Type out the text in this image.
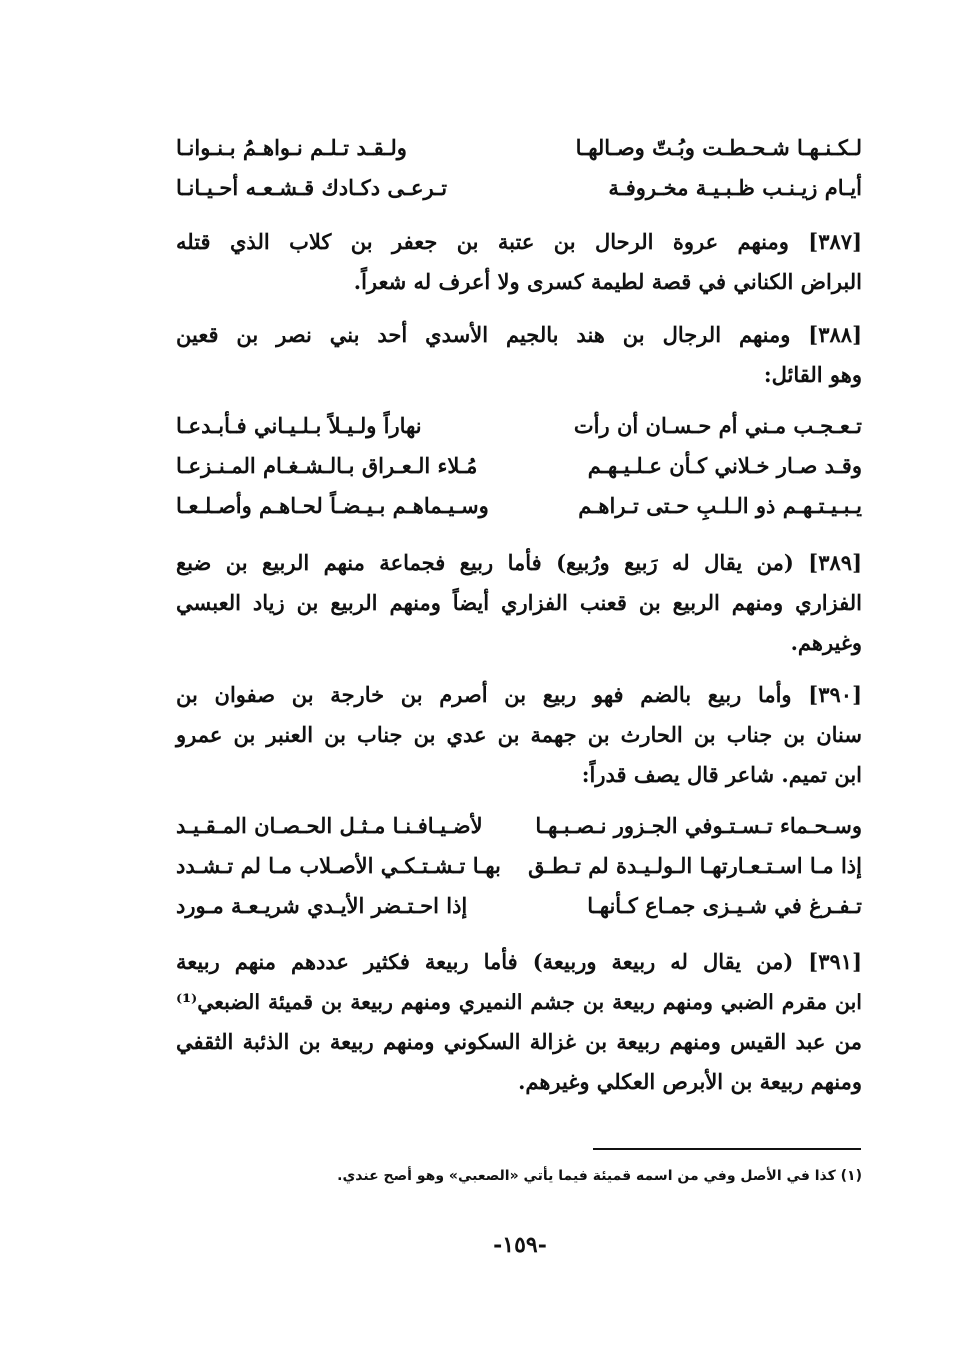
لـكـنـهـا شـحـطـت وبُـتّ وصـالهـا
ولـقـد تـلـم نـواهـمُ بـنـوانـا
أيـام زيـنـب ظـبـيـة مخـروفـة
تـرعـى دكـادك قـشـعـه أحـيـانـا
[٣٨٧] ومنهم عروة الرحال بن عتبة بن جعفر بن كلاب الذي قتله
البراض الكناني في قصة لطيمة كسرى ولا أعرف له شعراً.
[٣٨٨] ومنهم الرجال بن هند بالجيم الأسدي أحد بني نصر بن قعين
وهو القائل:
تـعـجـب مـني أم حـسـان أن رأت
نهاراً ولـيـلاً بـلـيـاني فـأبـدعـا
وقـد صـار خـلاني كـأن عـلـيـهـم
مُـلاء الـعـراق بـالـشـغـام المـنـزعـا
يـبـيـتـهـم ذو الـلـبِ حـتى تـراهـم
وسـيـماهـم بـيـضـاً لحـاهـم وأصـلـعـا
[٣٨٩] (من يقال له رَبيع ورُبيع) فأما ربيع فجماعة منهم الربيع بن ضبع
الفزاري ومنهم الربيع بن قعنب الفزاري أيضاً ومنهم الربيع بن زياد العبسي
وغيرهم.
[٣٩٠] وأما ربيع بالضم فهو ربيع بن أصرم بن خارجة بن صفوان بن
سنان بن جناب بن الحارث بن جهمة بن عدي بن جناب بن العنبر بن عمرو
ابن تميم. شاعر قال يصف قدراً:
وسـحـماء تـسـتـوفي الجـزور نـصـبـهـا
لأضـيـافـنـا مـثـل الحـصـان المـقـيـد
إذا مـا اسـتـعـارتهـا الـولـيـدة لم تـطـق
بهـا تـشـتـكـي الأصـلاب مـا لم تـشـدد
تـفـرغ في شـيـزى جمـاع كـأنهـا
إذا احـتـضر الأيـدي شريـعـة مـورد
[٣٩١] (من يقال له ربيعة وربيعة) فأما ربيعة فكثير عددهم منهم ربيعة
ابن مقرم الضبي ومنهم ربيعة بن جشم النميري ومنهم ربيعة بن قميئة الضبعي⁽¹⁾
من عبد القيس ومنهم ربيعة بن غزالة السكوني ومنهم ربيعة بن الذئبة الثقفي
ومنهم ربيعة بن الأبرص العكلي وغيرهم.
(١) كذا في الأصل وفي من اسمه قميئة فيما يأتي «الصعبي» وهو أصح عندي.
-١٥٩-
